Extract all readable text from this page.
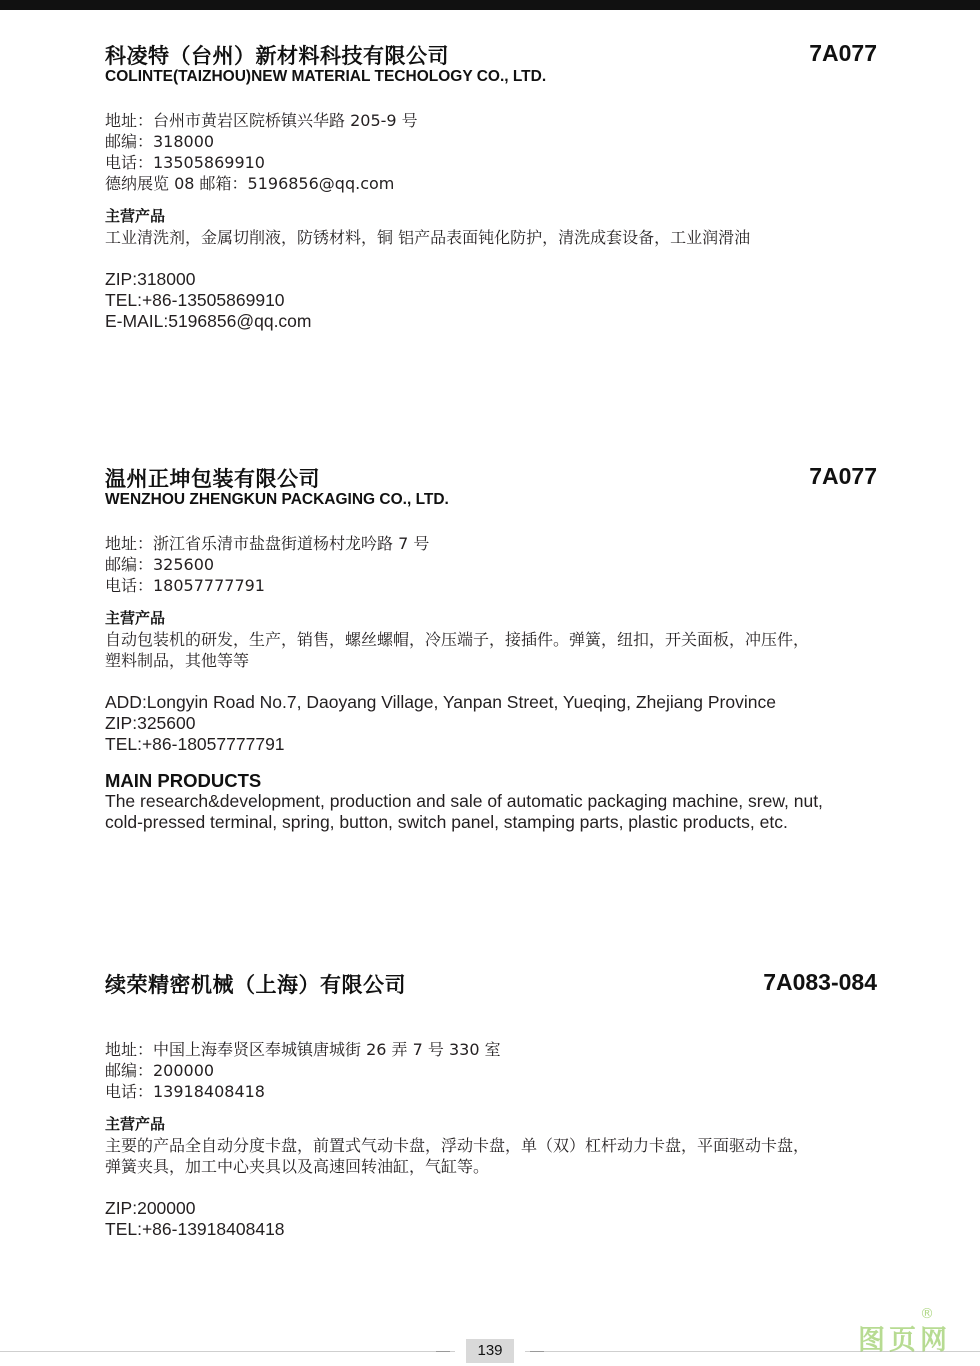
科凌特（台州）新材料科技有限公司	7A077
COLINTE(TAIZHOU)NEW MATERIAL TECHOLOGY CO., LTD.
地址：台州市黄岩区院桥镇兴华路 205-9 号
邮编：318000
电话：13505869910
德纳展览 08 邮箱：5196856@qq.com
主营产品
工业清洗剂，金属切削液，防锈材料，铜 铝产品表面钝化防护，清洗成套设备，工业润滑油
ZIP:318000
TEL:+86-13505869910
E-MAIL:5196856@qq.com
温州正坤包装有限公司	7A077
WENZHOU ZHENGKUN PACKAGING CO., LTD.
地址：浙江省乐清市盐盘街道杨村龙吟路 7 号
邮编：325600
电话：18057777791
主营产品
自动包装机的研发，生产，销售，螺丝螺帽，冷压端子，接插件。弹簧，纽扣，开关面板，冲压件，
塑料制品，其他等等
ADD:Longyin Road No.7, Daoyang Village, Yanpan Street, Yueqing, Zhejiang Province
ZIP:325600
TEL:+86-18057777791
MAIN PRODUCTS
The research&development, production and sale of automatic packaging machine, srew, nut,
cold-pressed terminal, spring, button, switch panel, stamping parts, plastic products, etc.
续荣精密机械（上海）有限公司	7A083-084
地址：中国上海奉贤区奉城镇唐城街 26 弄 7 号 330 室
邮编：200000
电话：13918408418
主营产品
主要的产品全自动分度卡盘，前置式气动卡盘，浮动卡盘，单（双）杠杆动力卡盘，平面驱动卡盘，
弹簧夹具，加工中心夹具以及高速回转油缸，气缸等。
ZIP:200000
TEL:+86-13918408418
139	图页网
®
